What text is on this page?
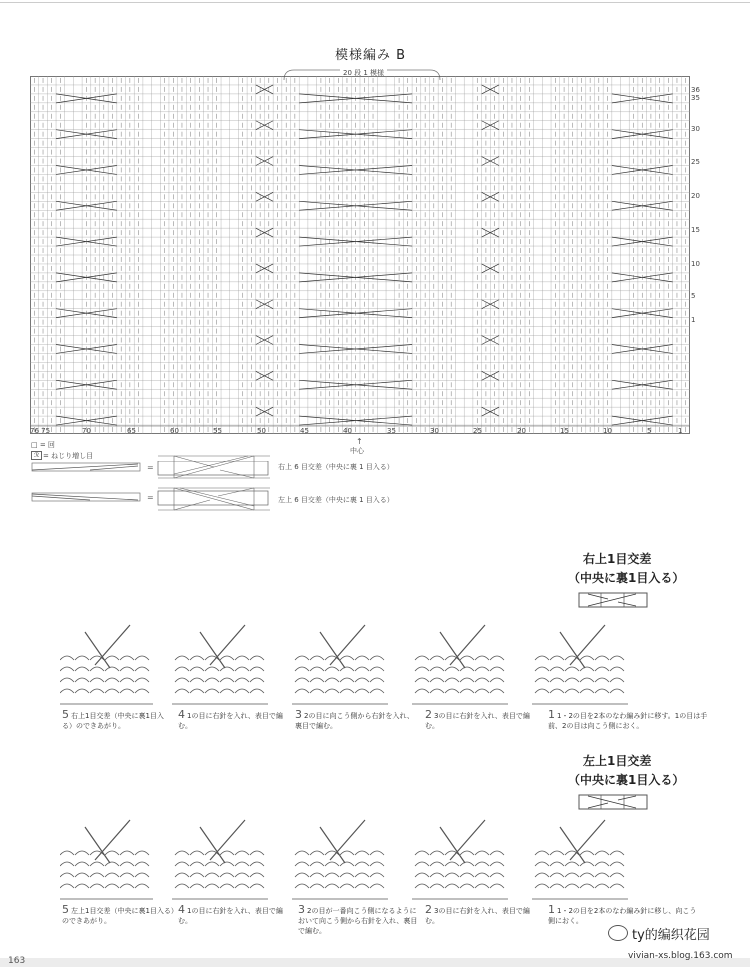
模様編み B
20 段 1 模様
36
35
30
25
20
15
10
5
1
76 75	70	65	60	55	50	45	40	35	30	25	20	15	10	5	1
↑
中心
□ = 回
ℛ = ねじり増し目
=
=
右上 6 目交差（中央に裏 1 目入る）
左上 6 目交差（中央に裏 1 目入る）
右上1目交差
（中央に裏1目入る）
5 右上1目交差（中央に裏1目入る）のできあがり。
4 1の目に右針を入れ、表目で編む。
3 2の目に向こう側から右針を入れ、裏目で編む。
2 3の目に右針を入れ、表目で編む。
1 1・2の目を2本のなわ編み針に移す。1の目は手前、2の目は向こう側におく。
左上1目交差
（中央に裏1目入る）
5 左上1目交差（中央に裏1目入る）のできあがり。
4 1の目に右針を入れ、表目で編む。
3 2の目が一番向こう側になるようにおいて向こう側から右針を入れ、裏目で編む。
2 3の目に右針を入れ、表目で編む。
1 1・2の目を2本のなわ編み針に移し、向こう側におく。
163
ty的编织花园
vivian-xs.blog.163.com
